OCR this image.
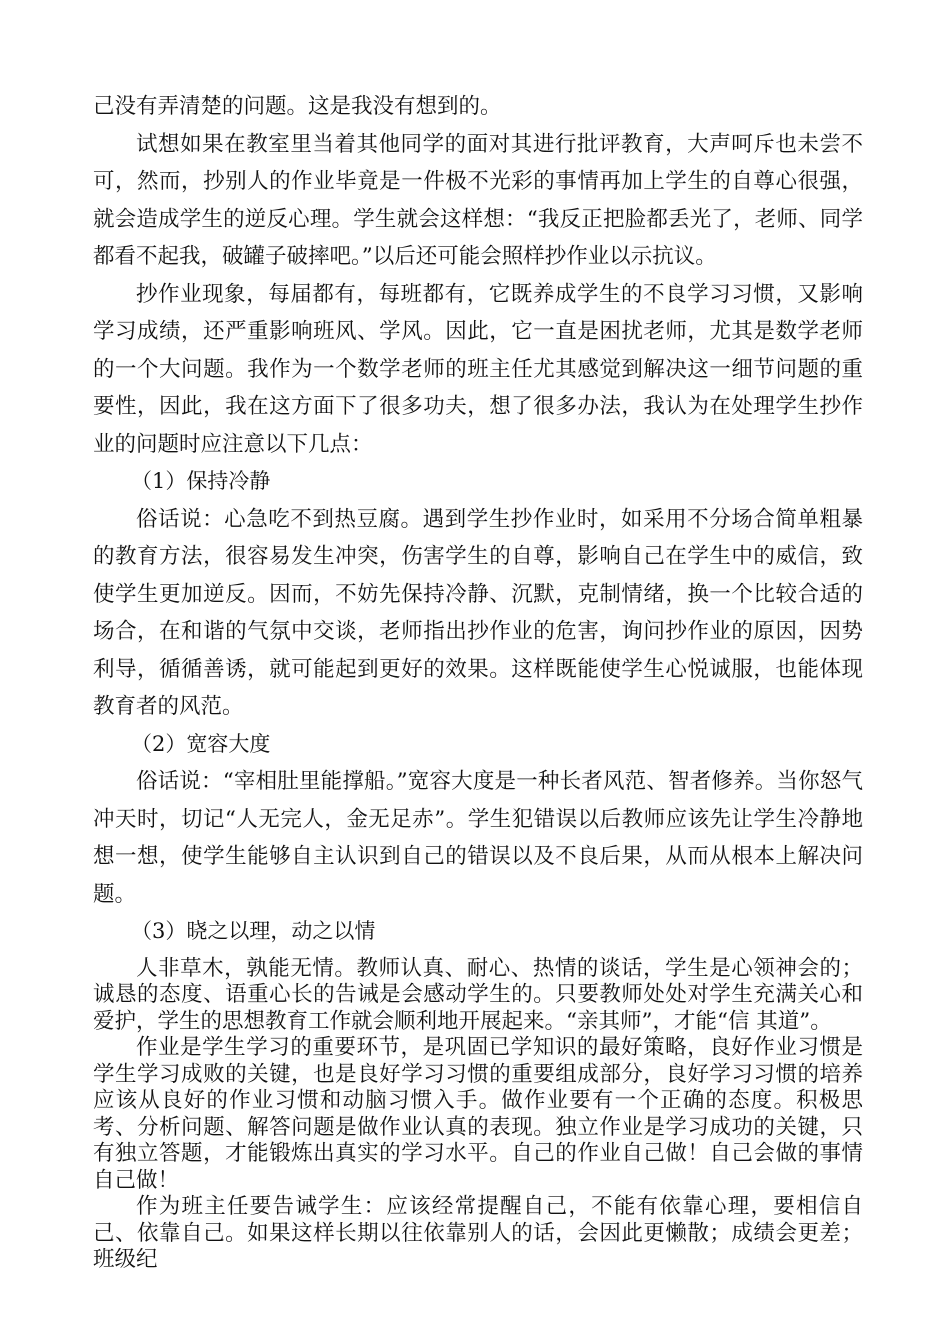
己没有弄清楚的问题。这是我没有想到的。

试想如果在教室里当着其他同学的面对其进行批评教育，大声呵斥也未尝不可，然而，抄别人的作业毕竟是一件极不光彩的事情再加上学生的自尊心很强，就会造成学生的逆反心理。学生就会这样想：“我反正把脸都丢光了，老师、同学都看不起我，破罐子破摔吧。”以后还可能会照样抄作业以示抗议。

抄作业现象，每届都有，每班都有，它既养成学生的不良学习习惯，又影响学习成绩，还严重影响班风、学风。因此，它一直是困扰老师，尤其是数学老师的一个大问题。我作为一个数学老师的班主任尤其感觉到解决这一细节问题的重要性，因此，我在这方面下了很多功夫，想了很多办法，我认为在处理学生抄作业的问题时应注意以下几点：

（1）保持冷静

俗话说：心急吃不到热豆腐。遇到学生抄作业时，如采用不分场合简单粗暴的教育方法，很容易发生冲突，伤害学生的自尊，影响自己在学生中的威信，致使学生更加逆反。因而，不妨先保持冷静、沉默，克制情绪，换一个比较合适的场合，在和谐的气氛中交谈，老师指出抄作业的危害，询问抄作业的原因，因势利导，循循善诱，就可能起到更好的效果。这样既能使学生心悦诚服，也能体现教育者的风范。

（2）宽容大度

俗话说：“宰相肚里能撑船。”宽容大度是一种长者风范、智者修养。当你怒气冲天时，切记“人无完人，金无足赤”。学生犯错误以后教师应该先让学生冷静地想一想，使学生能够自主认识到自己的错误以及不良后果，从而从根本上解决问题。

（3）晓之以理，动之以情

人非草木，孰能无情。教师认真、耐心、热情的谈话，学生是心领神会的；诚恳的态度、语重心长的告诫是会感动学生的。只要教师处处对学生充满关心和爱护，学生的思想教育工作就会顺利地开展起来。“亲其师”，才能“信 其道”。

作业是学生学习的重要环节，是巩固已学知识的最好策略，良好作业习惯是学生学习成败的关键，也是良好学习习惯的重要组成部分，良好学习习惯的培养应该从良好的作业习惯和动脑习惯入手。做作业要有一个正确的态度。积极思考、分析问题、解答问题是做作业认真的表现。独立作业是学习成功的关键，只有独立答题，才能锻炼出真实的学习水平。自己的作业自己做！自己会做的事情自己做！

作为班主任要告诫学生：应该经常提醒自己，不能有依靠心理，要相信自己、依靠自己。如果这样长期以往依靠别人的话，会因此更懒散；成绩会更差；班级纪
